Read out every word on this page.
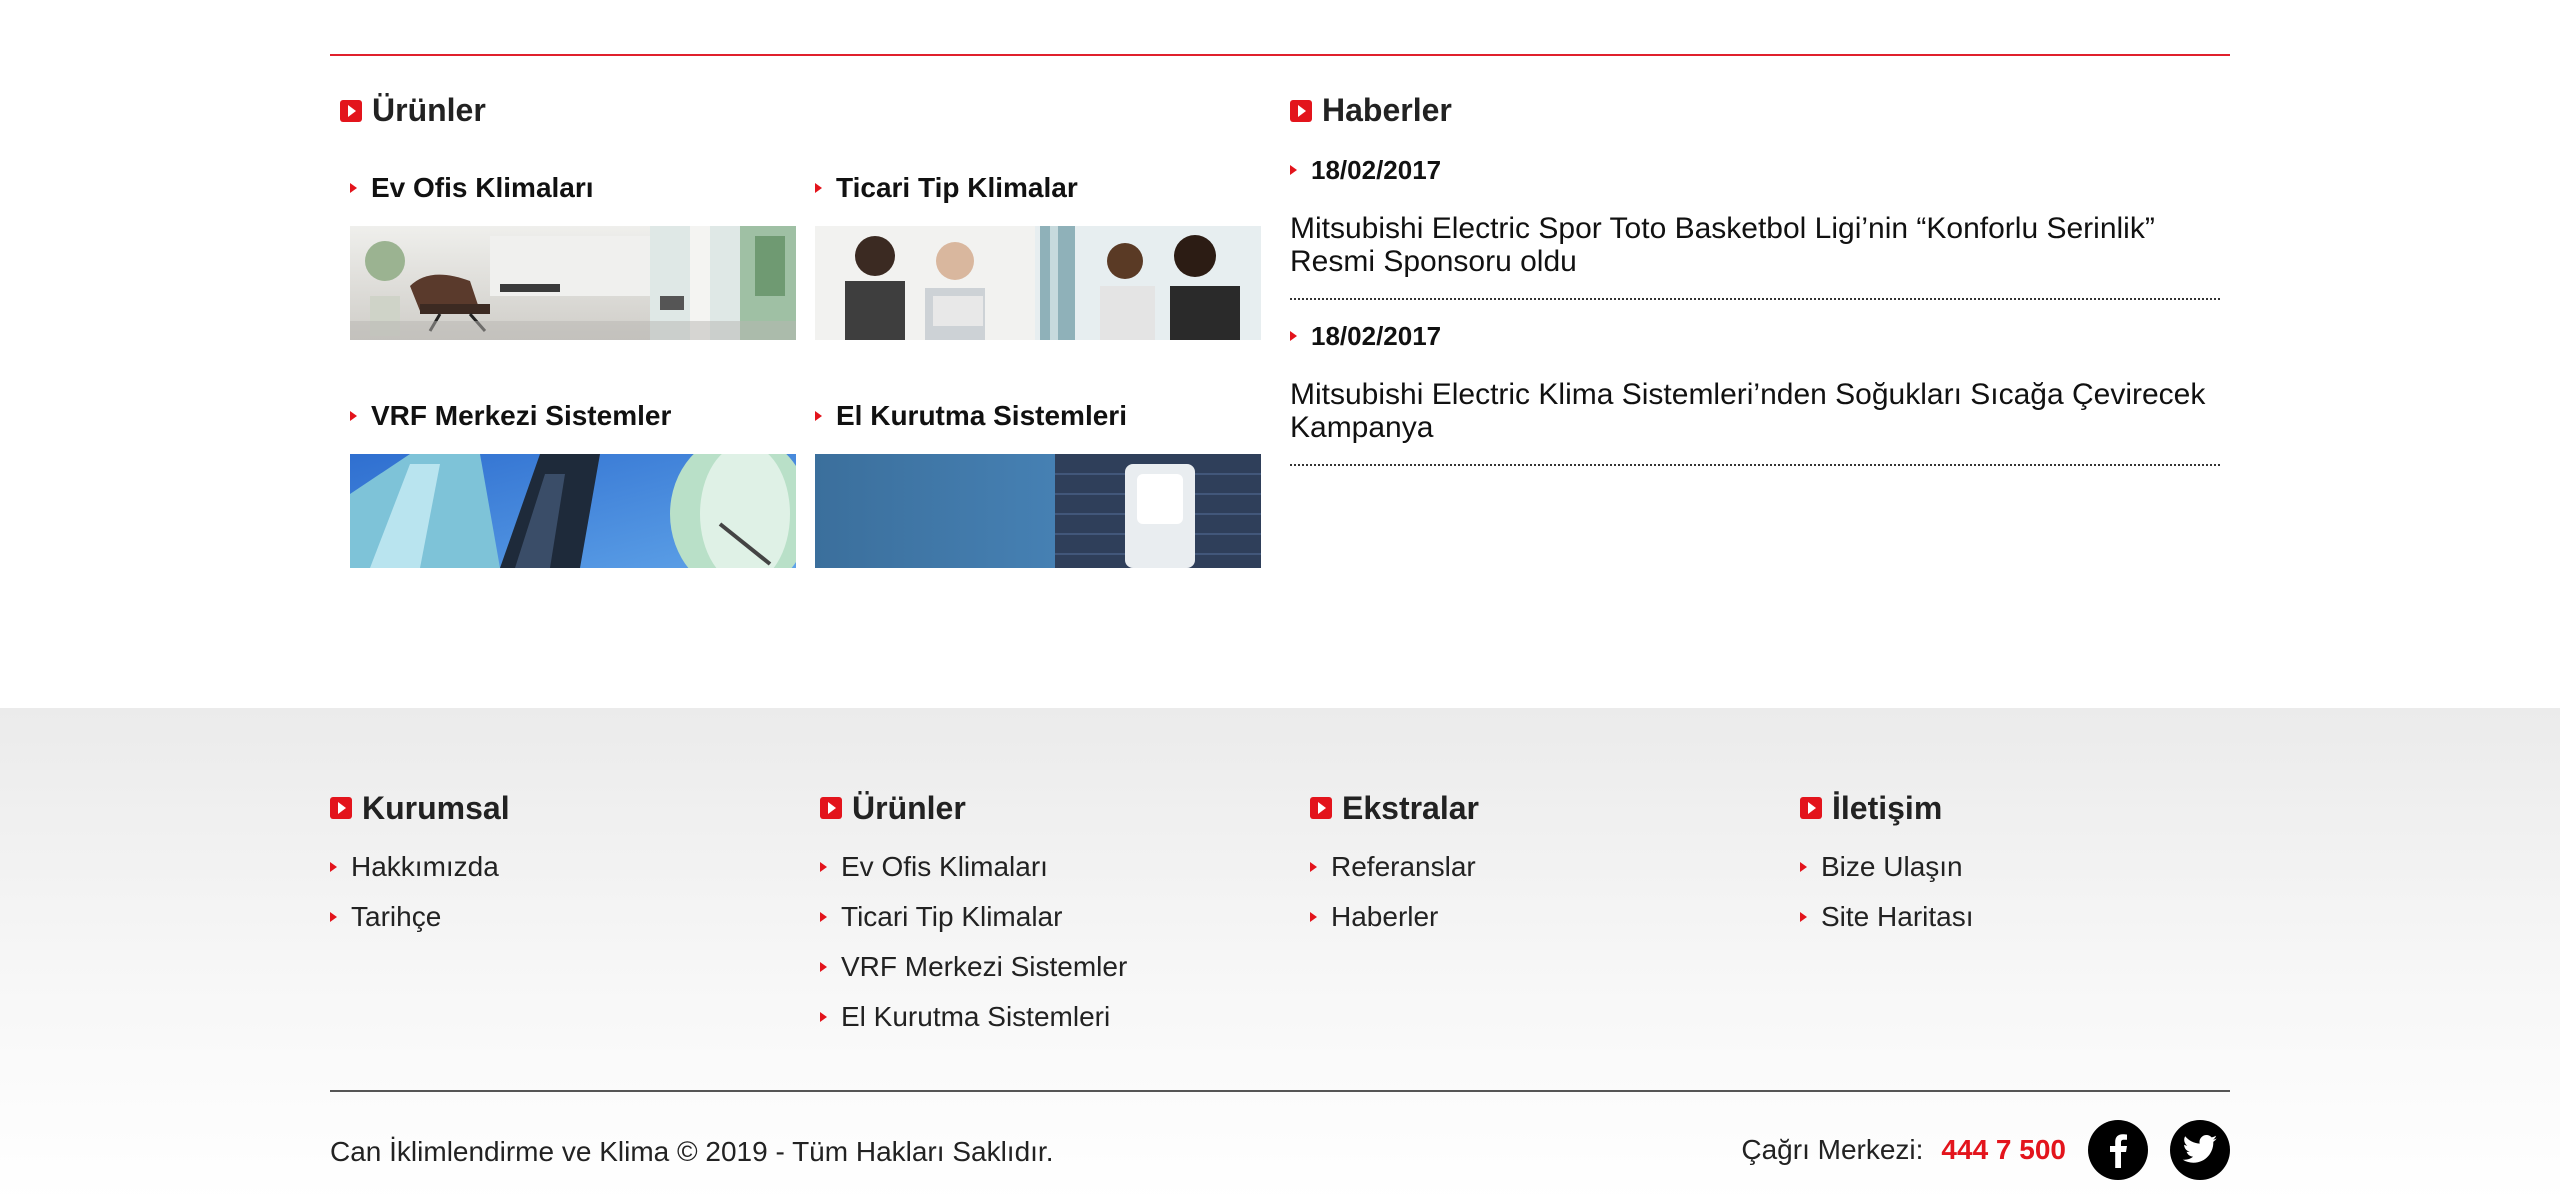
Ürünler
Ev Ofis Klimaları	Ticari Tip Klimalar
VRF Merkezi Sistemler	El Kurutma Sistemleri
Haberler
18/02/2017
Mitsubishi Electric Spor Toto Basketbol Ligi’nin “Konforlu Serinlik” Resmi Sponsoru oldu
18/02/2017
Mitsubishi Electric Klima Sistemleri’nden Soğukları Sıcağa Çevirecek Kampanya
Kurumsal
Hakkımızda
Tarihçe
Ürünler
Ev Ofis Klimaları
Ticari Tip Klimalar
VRF Merkezi Sistemler
El Kurutma Sistemleri
Ekstralar
Referanslar
Haberler
İletişim
Bize Ulaşın
Site Haritası
Can İklimlendirme ve Klima © 2019 - Tüm Hakları Saklıdır.	Çağrı Merkezi: 444 7 500
